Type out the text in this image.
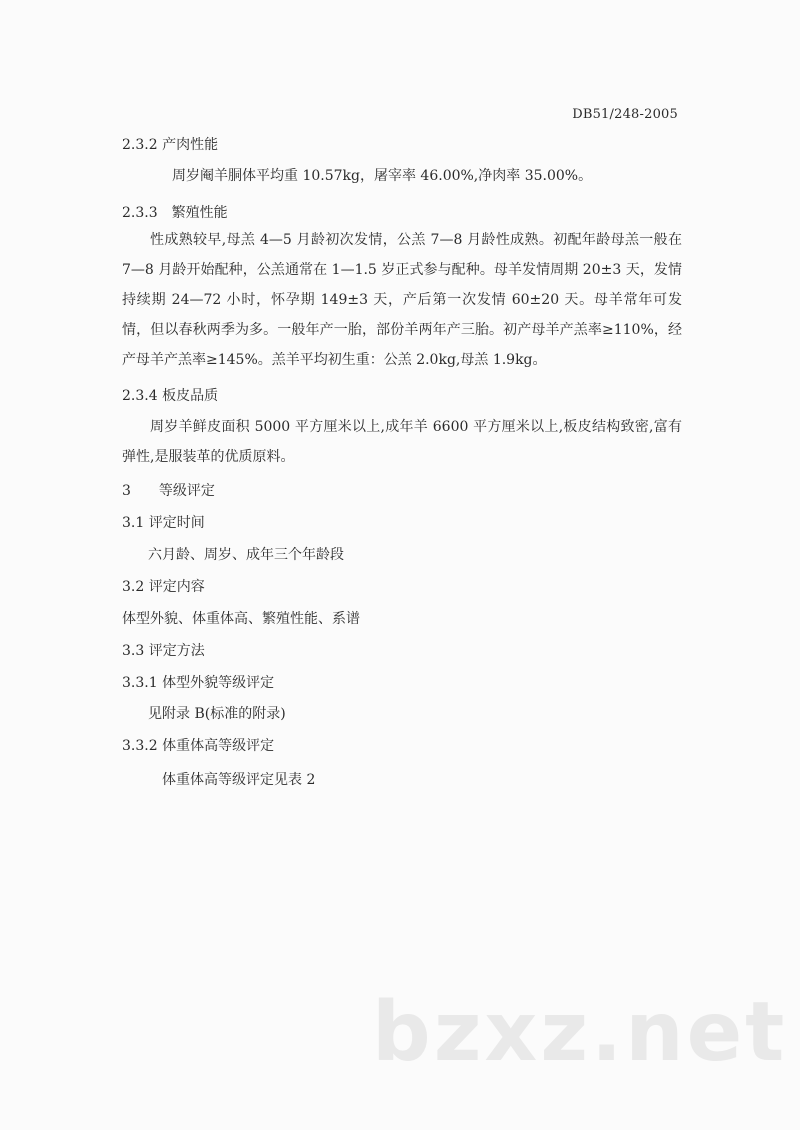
DB51/248-2005
2.3.2 产肉性能
周岁阉羊胴体平均重 10.57kg，屠宰率 46.00%,净肉率 35.00%。
2.3.3　繁殖性能
性成熟较早,母羔 4—5 月龄初次发情，公羔 7—8 月龄性成熟。初配年龄母羔一般在 7—8 月龄开始配种，公羔通常在 1—1.5 岁正式参与配种。母羊发情周期 20±3 天，发情持续期 24—72 小时，怀孕期 149±3 天，产后第一次发情 60±20 天。母羊常年可发情，但以春秋两季为多。一般年产一胎，部份羊两年产三胎。初产母羊产羔率≥110%，经产母羊产羔率≥145%。羔羊平均初生重：公羔 2.0kg,母羔 1.9kg。
2.3.4 板皮品质
周岁羊鲜皮面积 5000 平方厘米以上,成年羊 6600 平方厘米以上,板皮结构致密,富有弹性,是服装革的优质原料。
3　　等级评定
3.1 评定时间
六月龄、周岁、成年三个年龄段
3.2 评定内容
体型外貌、体重体高、繁殖性能、系谱
3.3 评定方法
3.3.1 体型外貌等级评定
见附录 B(标准的附录)
3.3.2 体重体高等级评定
体重体高等级评定见表 2
bzxz.net
